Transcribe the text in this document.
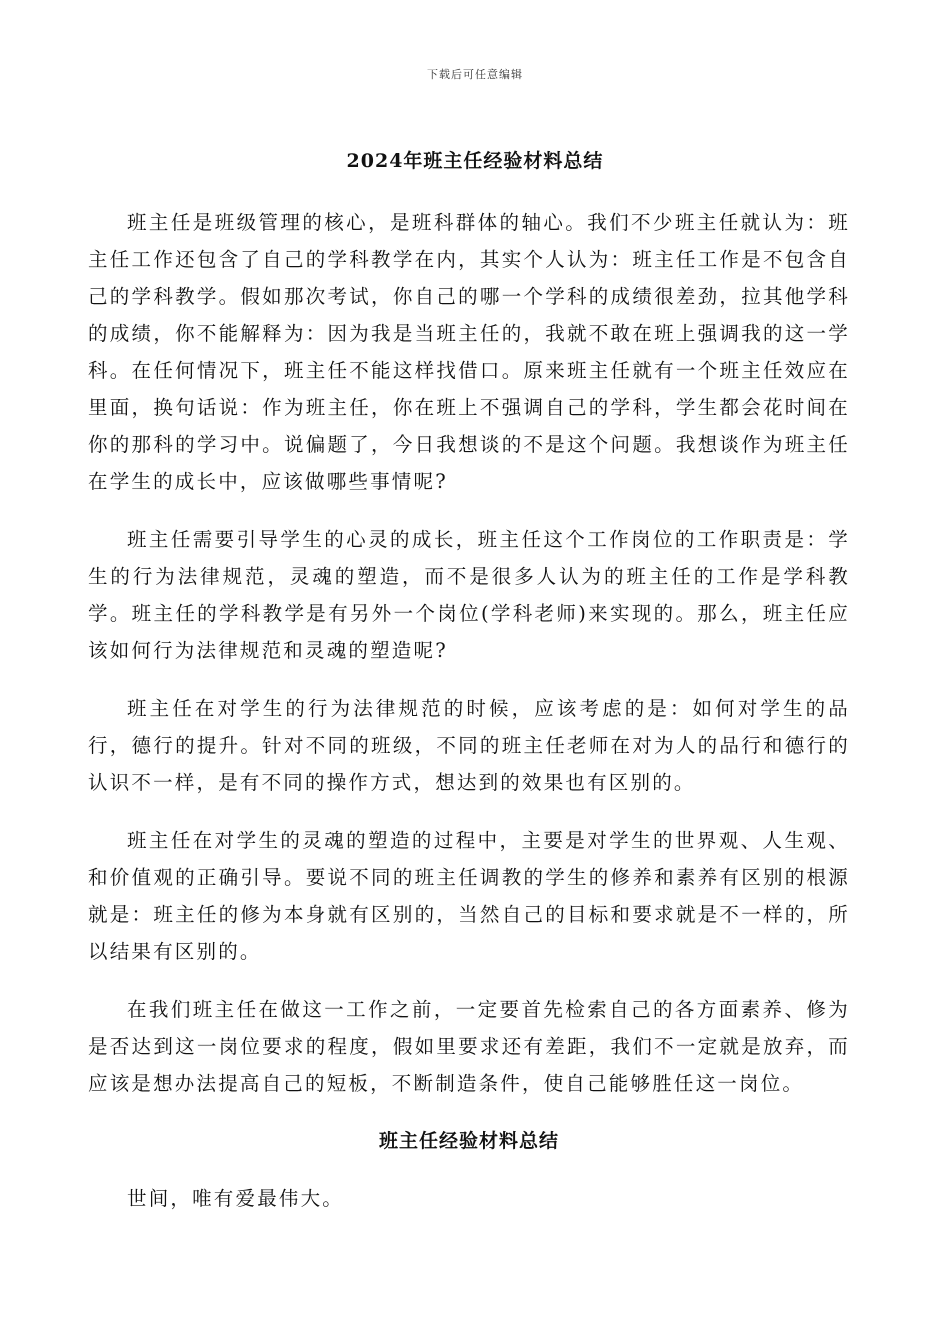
下载后可任意编辑
2024年班主任经验材料总结

班主任是班级管理的核心，是班科群体的轴心。我们不少班主任就认为：班主任工作还包含了自己的学科教学在内，其实个人认为：班主任工作是不包含自己的学科教学。假如那次考试，你自己的哪一个学科的成绩很差劲，拉其他学科的成绩，你不能解释为：因为我是当班主任的，我就不敢在班上强调我的这一学科。在任何情况下，班主任不能这样找借口。原来班主任就有一个班主任效应在里面，换句话说：作为班主任，你在班上不强调自己的学科，学生都会花时间在你的那科的学习中。说偏题了，今日我想谈的不是这个问题。我想谈作为班主任在学生的成长中，应该做哪些事情呢?

班主任需要引导学生的心灵的成长，班主任这个工作岗位的工作职责是：学生的行为法律规范，灵魂的塑造，而不是很多人认为的班主任的工作是学科教学。班主任的学科教学是有另外一个岗位(学科老师)来实现的。那么，班主任应该如何行为法律规范和灵魂的塑造呢?

班主任在对学生的行为法律规范的时候，应该考虑的是：如何对学生的品行，德行的提升。针对不同的班级，不同的班主任老师在对为人的品行和德行的认识不一样，是有不同的操作方式，想达到的效果也有区别的。

班主任在对学生的灵魂的塑造的过程中，主要是对学生的世界观、人生观、和价值观的正确引导。要说不同的班主任调教的学生的修养和素养有区别的根源就是：班主任的修为本身就有区别的，当然自己的目标和要求就是不一样的，所以结果有区别的。

在我们班主任在做这一工作之前，一定要首先检索自己的各方面素养、修为是否达到这一岗位要求的程度，假如里要求还有差距，我们不一定就是放弃，而应该是想办法提高自己的短板，不断制造条件，使自己能够胜任这一岗位。

班主任经验材料总结

世间，唯有爱最伟大。
